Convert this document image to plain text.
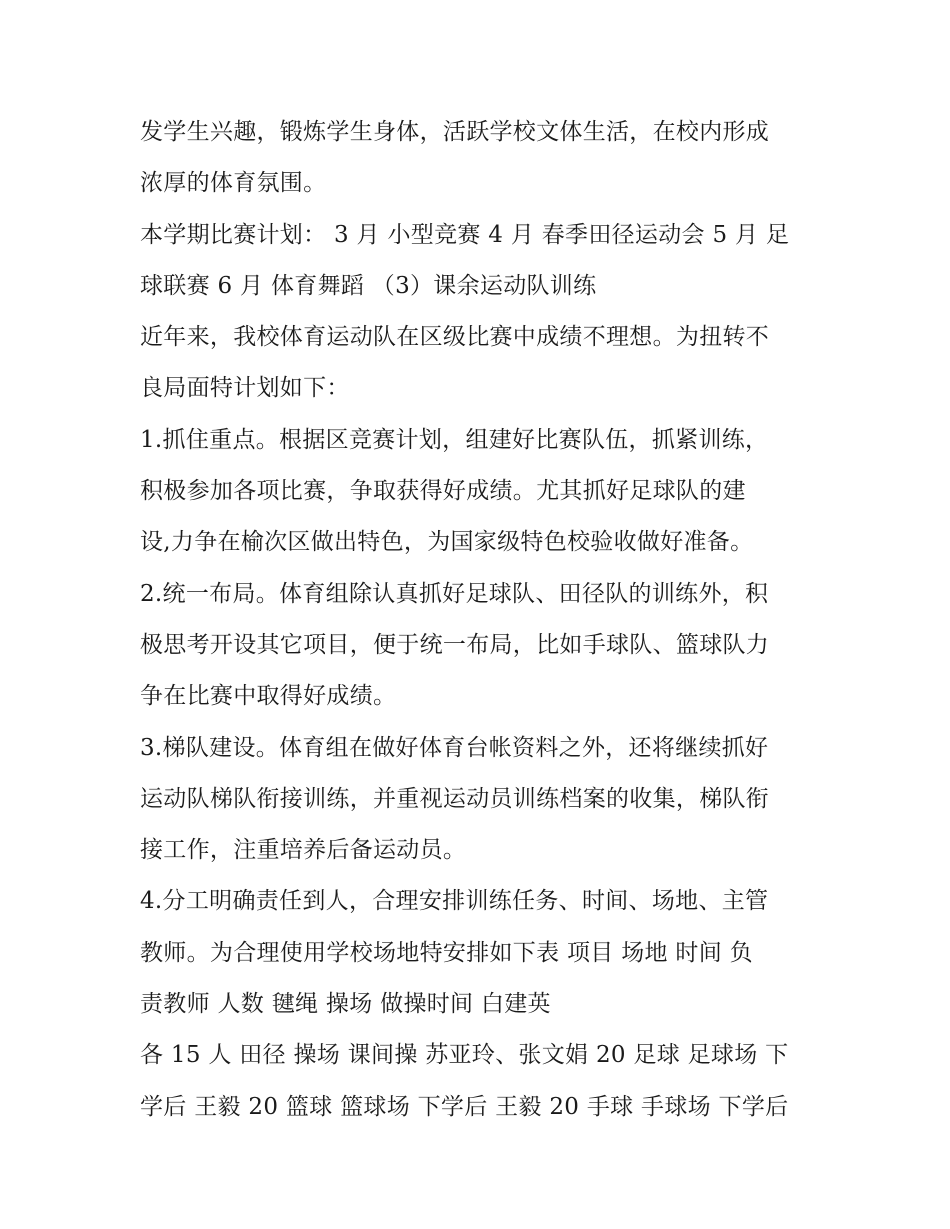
发学生兴趣，锻炼学生身体，活跃学校文体生活，在校内形成
浓厚的体育氛围。
本学期比赛计划： 3 月 小型竞赛 4 月 春季田径运动会 5 月 足
球联赛 6 月 体育舞蹈 （3）课余运动队训练
近年来，我校体育运动队在区级比赛中成绩不理想。为扭转不
良局面特计划如下：
1.抓住重点。根据区竞赛计划，组建好比赛队伍，抓紧训练，
积极参加各项比赛，争取获得好成绩。尤其抓好足球队的建
设,力争在榆次区做出特色，为国家级特色校验收做好准备。
2.统一布局。体育组除认真抓好足球队、田径队的训练外，积
极思考开设其它项目，便于统一布局，比如手球队、篮球队力
争在比赛中取得好成绩。
3.梯队建设。体育组在做好体育台帐资料之外，还将继续抓好
运动队梯队衔接训练，并重视运动员训练档案的收集，梯队衔
接工作，注重培养后备运动员。
4.分工明确责任到人，合理安排训练任务、时间、场地、主管
教师。为合理使用学校场地特安排如下表 项目 场地 时间 负
责教师 人数 毽绳 操场 做操时间 白建英
各 15 人 田径 操场 课间操 苏亚玲、张文娟 20 足球 足球场 下
学后 王毅 20 篮球 篮球场 下学后 王毅 20 手球 手球场 下学后
